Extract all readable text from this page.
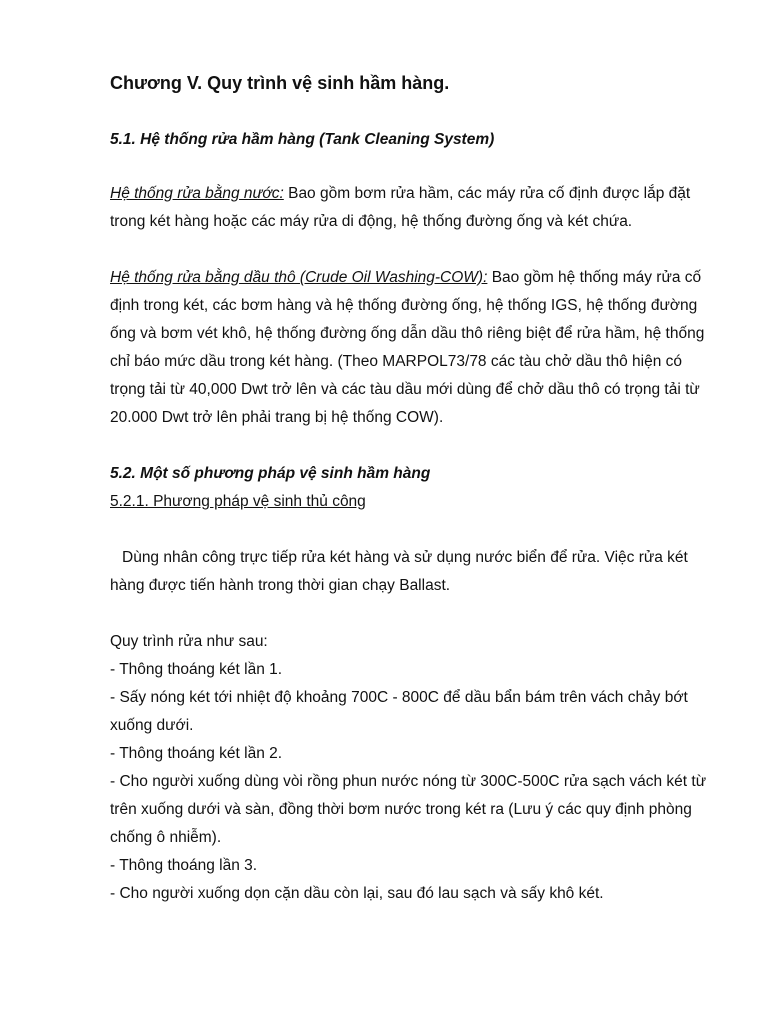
Chương V. Quy trình vệ sinh hầm hàng.
5.1. Hệ thống rửa hầm hàng (Tank Cleaning System)

Hệ thống rửa bằng nước: Bao gồm bơm rửa hầm, các máy rửa cố định được lắp đặt trong két hàng hoặc các máy rửa di động, hệ thống đường ống và két chứa.

Hệ thống rửa bằng dầu thô (Crude Oil Washing-COW): Bao gồm hệ thống máy rửa cố định trong két, các bơm hàng và hệ thống đường ống, hệ thống IGS, hệ thống đường ống và bơm vét khô, hệ thống đường ống dẫn dầu thô riêng biệt để rửa hầm, hệ thống chỉ báo mức dầu trong két hàng. (Theo MARPOL73/78 các tàu chở dầu thô hiện có trọng tải từ 40,000 Dwt trở lên và các tàu dầu mới dùng để chở dầu thô có trọng tải từ 20.000 Dwt trở lên phải trang bị hệ thống COW).

5.2. Một số phương pháp vệ sinh hầm hàng
5.2.1. Phương pháp vệ sinh thủ công

Dùng nhân công trực tiếp rửa két hàng và sử dụng nước biển để rửa. Việc rửa két hàng được tiến hành trong thời gian chạy Ballast.

Quy trình rửa như sau:
- Thông thoáng két lần 1.
- Sấy nóng két tới nhiệt độ khoảng 700C - 800C để dầu bẩn bám trên vách chảy bớt xuống dưới.
- Thông thoáng két lần 2.
- Cho người xuống dùng vòi rồng phun nước nóng từ 300C-500C rửa sạch vách két từ trên xuống dưới và sàn, đồng thời bơm nước trong két ra (Lưu ý các quy định phòng chống ô nhiễm).
- Thông thoáng lần 3.
- Cho người xuống dọn cặn dầu còn lại, sau đó lau sạch và sấy khô két.
